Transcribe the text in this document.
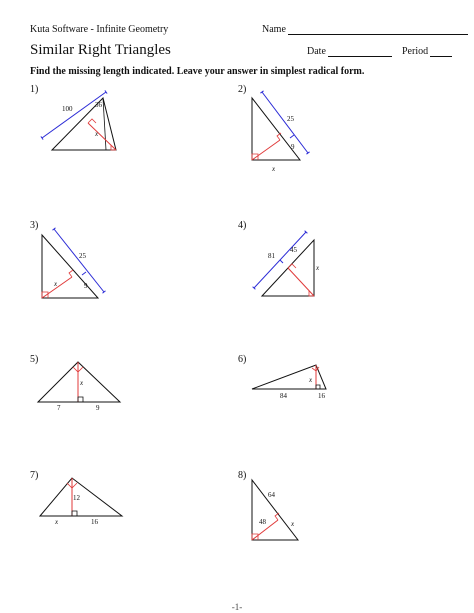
Kuta Software - Infinite Geometry	Name
Similar Right Triangles	Date	Period
Find the missing length indicated. Leave your answer in simplest radical form.
1)	2)
3)	4)
5)	6)
7)	8)
100	36
x
25
9
x
25
x	9
81
45
x
x
7	9
x
84	16
12
x	16
64
48	x
-1-
